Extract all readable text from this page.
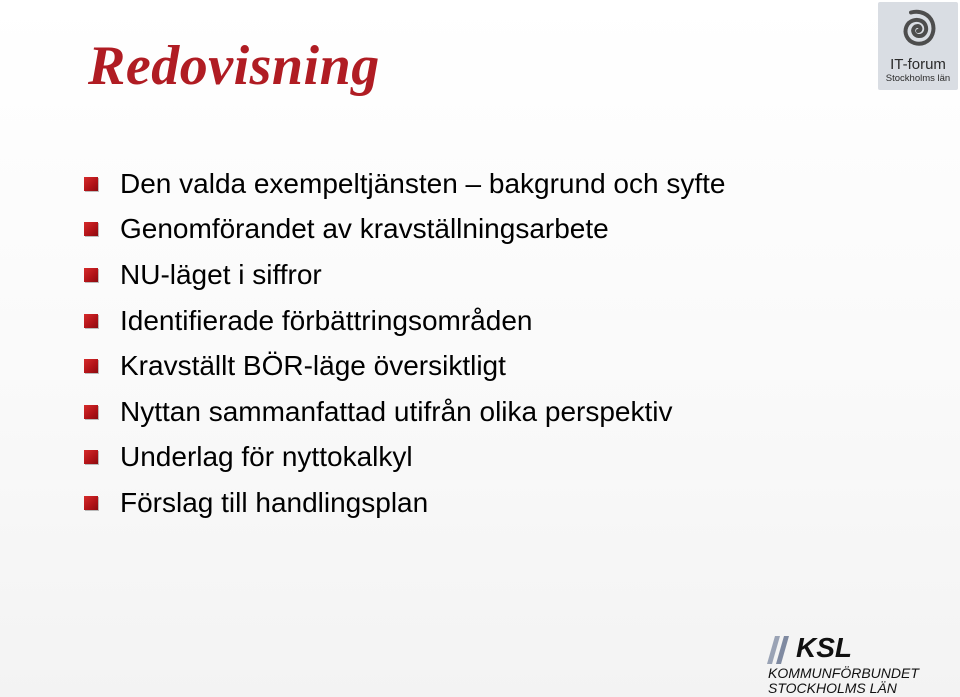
Redovisning
Den valda exempeltjänsten – bakgrund och syfte
Genomförandet av kravställningsarbete
NU-läget i siffror
Identifierade förbättringsområden
Kravställt BÖR-läge översiktligt
Nyttan sammanfattad utifrån olika perspektiv
Underlag för nyttokalkyl
Förslag till handlingsplan
IT-forum
Stockholms län
KSL
KOMMUNFÖRBUNDET
STOCKHOLMS LÄN
